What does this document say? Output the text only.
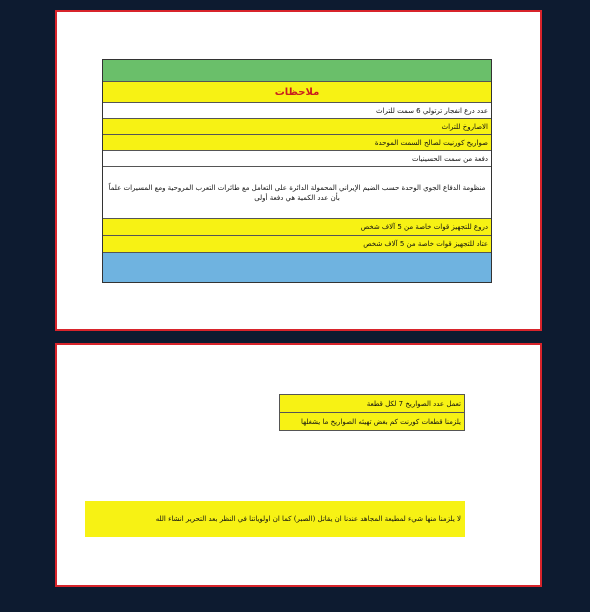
ملاحظات
عدد درع انفجار ترتولي 6 سمت للتراث
الاصاروخ للتراث
صواريخ كورنيت لصالح السمت الموحدة
دفعة من سمت الحسينيات
منظومة الدفاع الجوي الوحدة حسب الضيم الإيراني المحمولة الدائرة على التعامل مع طائرات التعرب المروحية ومع المسيرات علماً بأن عدد الكمية هي دفعة أولى
دروع للتجهيز قوات خاصة من 5 آلاف شخص
عتاد للتجهيز قوات خاصة من 5 آلاف شخص
تعمل عدد الصواريخ 7 لكل قطعة
يلزمنا قطعات كورنت كم بغض تهيئه الصواريخ ما يشغلها
لا يلزمنا منها شيء لمطيعة المجاهد عندنا ان يقاتل (الصبر) كما ان اولوياتنا في النظر بعد التحرير انشاء الله
